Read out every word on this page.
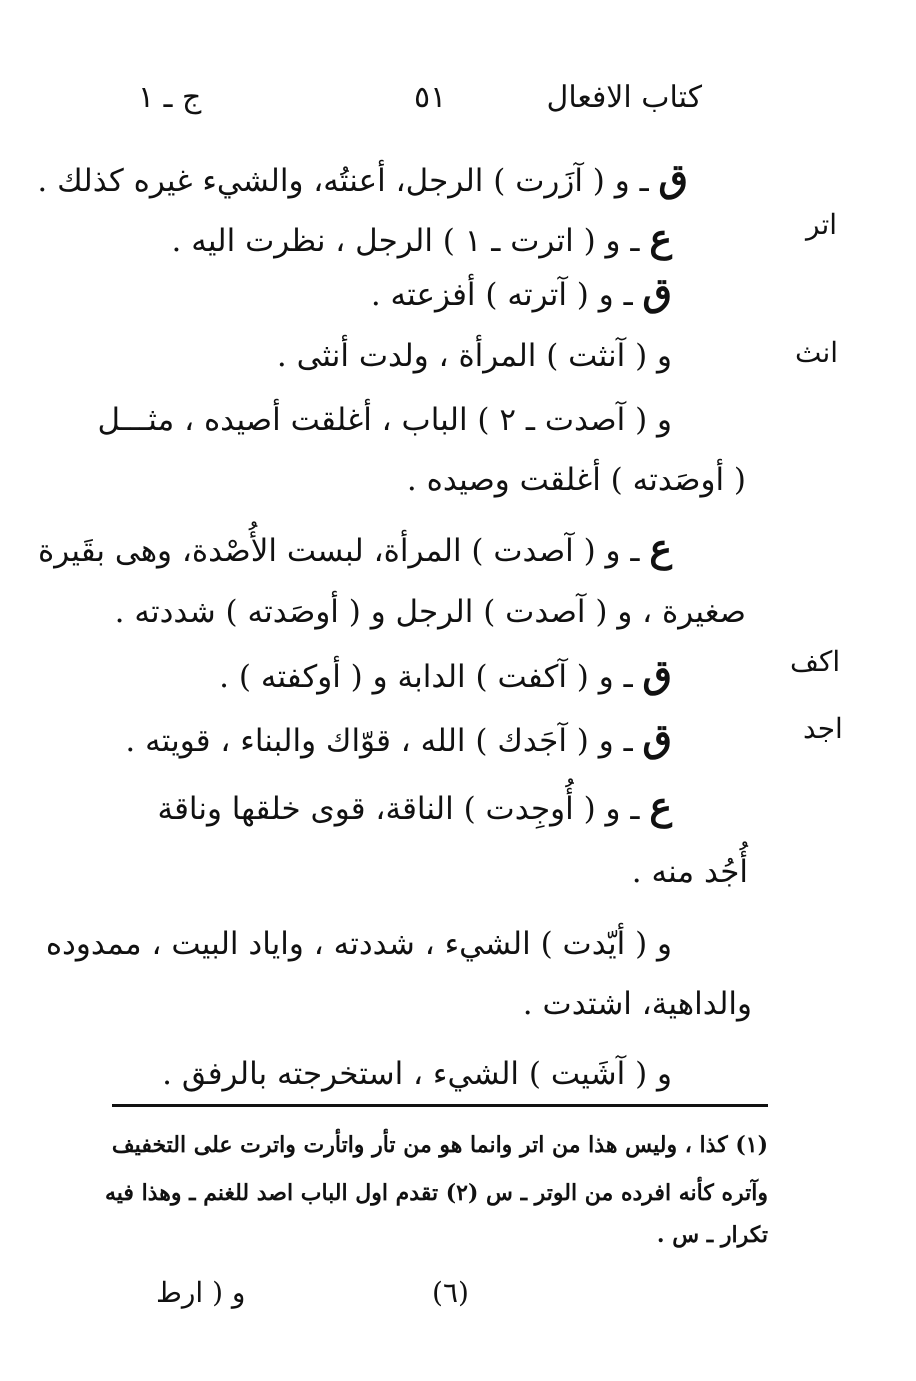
كتاب الافعال
٥١
ج ـ ١
اتر
انث
اكف
اجد
ق ـ و ( آزَرت ) الرجل، أعنتُه، والشيء غيره كذلك .
ع ـ و ( اترت ـ ١ ) الرجل ، نظرت اليه .
ق ـ و ( آترته ) أفزعته .
و ( آنثت ) المرأة ، ولدت أنثى .
و ( آصدت ـ ٢ ) الباب ، أغلقت أصيده ، مثـــل
( أوصَدته ) أغلقت وصيده .
ع ـ و ( آصدت ) المرأة، لبست الأُصْدة، وهى بقَيرة
صغيرة ، و ( آصدت ) الرجل و ( أوصَدته ) شددته .
ق ـ و ( آكفت ) الدابة و ( أوكفته ) .
ق ـ و ( آجَدك ) الله ، قوّاك والبناء ، قويته .
ع ـ و ( أُوجِدت ) الناقة، قوى خلقها وناقة
أُجُد منه .
و ( أيّدت ) الشيء ، شددته ، واياد البيت ، ممدوده
والداهية، اشتدت .
و ( آشَيت ) الشيء ، استخرجته بالرفق .
(١) كذا ، وليس هذا من اتر وانما هو من تأر واتأرت واترت على التخفيف
وآتره كأنه افرده من الوتر ـ س (٢) تقدم اول الباب اصد للغنم ـ وهذا فيه
تكرار ـ س .
(٦)
و ( ارط
